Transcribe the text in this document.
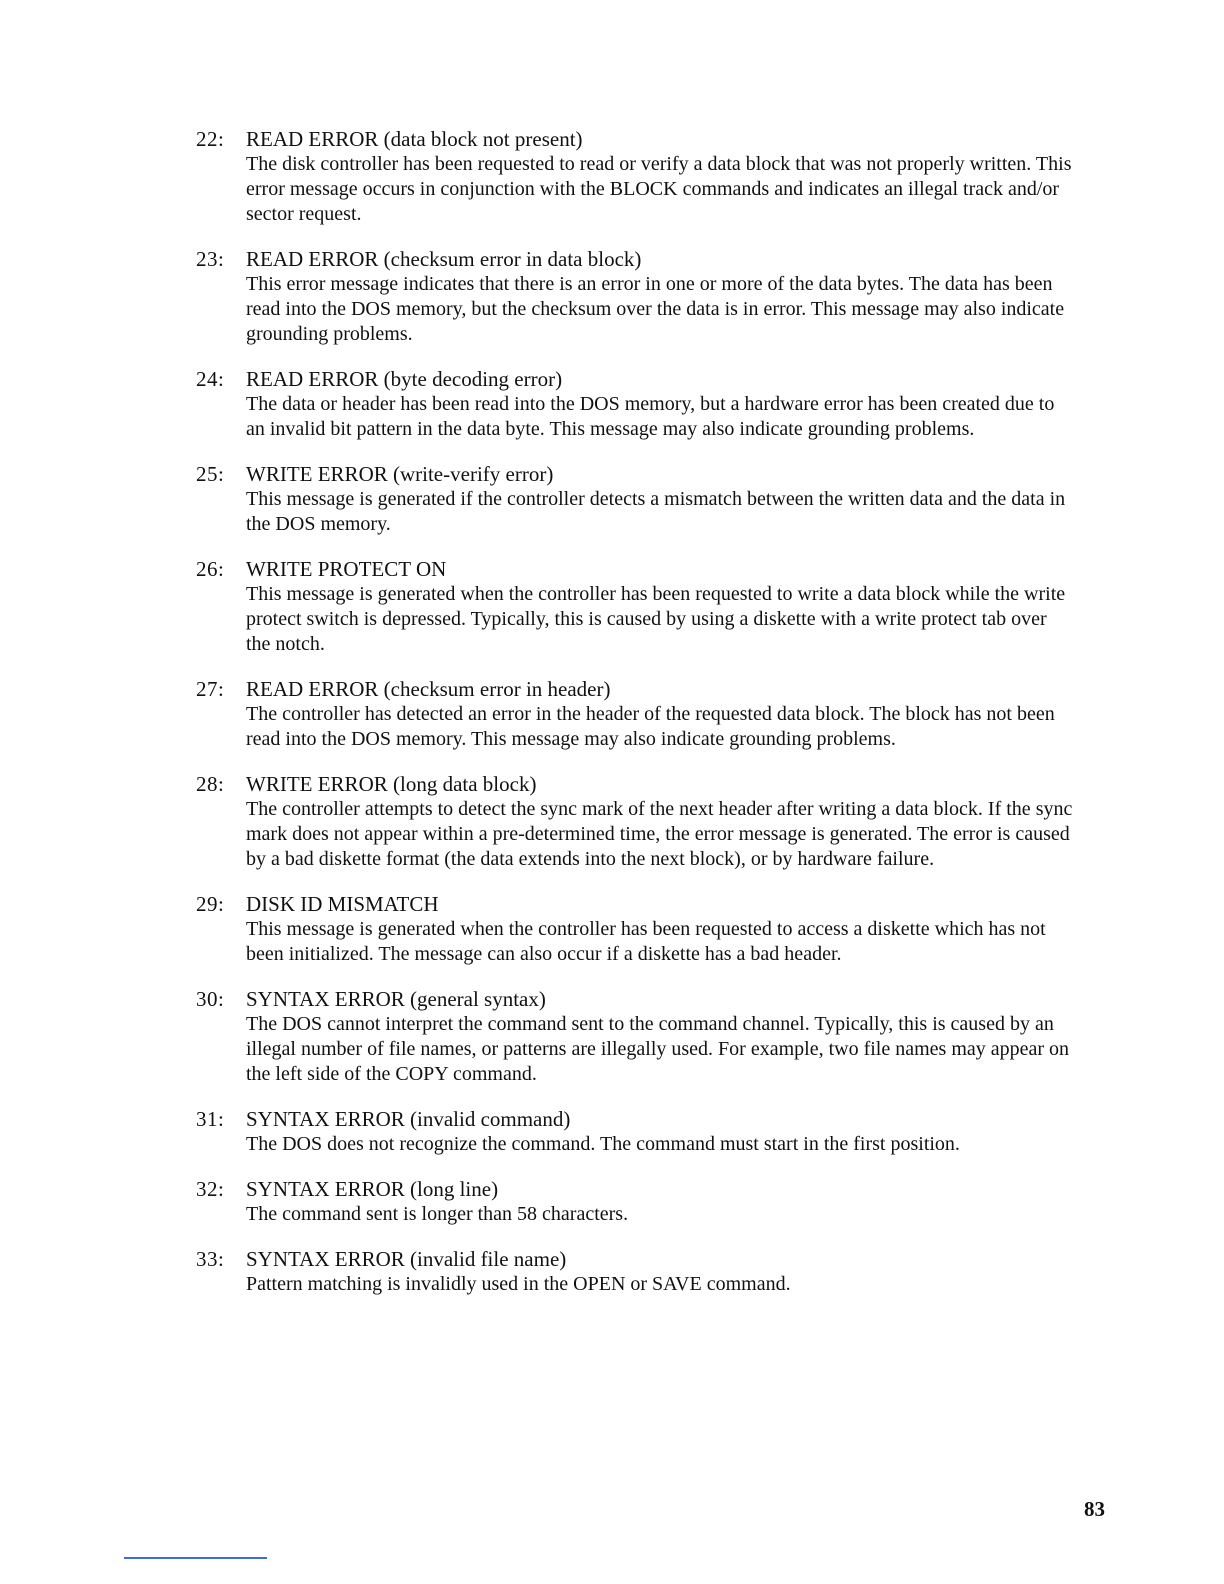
22: READ ERROR (data block not present)
The disk controller has been requested to read or verify a data block that was not properly written. This error message occurs in conjunction with the BLOCK commands and indicates an illegal track and/or sector request.
23: READ ERROR (checksum error in data block)
This error message indicates that there is an error in one or more of the data bytes. The data has been read into the DOS memory, but the checksum over the data is in error. This message may also indicate grounding problems.
24: READ ERROR (byte decoding error)
The data or header has been read into the DOS memory, but a hardware error has been created due to an invalid bit pattern in the data byte. This message may also indicate grounding problems.
25: WRITE ERROR (write-verify error)
This message is generated if the controller detects a mismatch between the written data and the data in the DOS memory.
26: WRITE PROTECT ON
This message is generated when the controller has been requested to write a data block while the write protect switch is depressed. Typically, this is caused by using a diskette with a write protect tab over the notch.
27: READ ERROR (checksum error in header)
The controller has detected an error in the header of the requested data block. The block has not been read into the DOS memory. This message may also indicate grounding problems.
28: WRITE ERROR (long data block)
The controller attempts to detect the sync mark of the next header after writing a data block. If the sync mark does not appear within a pre-determined time, the error message is generated. The error is caused by a bad diskette format (the data extends into the next block), or by hardware failure.
29: DISK ID MISMATCH
This message is generated when the controller has been requested to access a diskette which has not been initialized. The message can also occur if a diskette has a bad header.
30: SYNTAX ERROR (general syntax)
The DOS cannot interpret the command sent to the command channel. Typically, this is caused by an illegal number of file names, or patterns are illegally used. For example, two file names may appear on the left side of the COPY command.
31: SYNTAX ERROR (invalid command)
The DOS does not recognize the command. The command must start in the first position.
32: SYNTAX ERROR (long line)
The command sent is longer than 58 characters.
33: SYNTAX ERROR (invalid file name)
Pattern matching is invalidly used in the OPEN or SAVE command.
83
